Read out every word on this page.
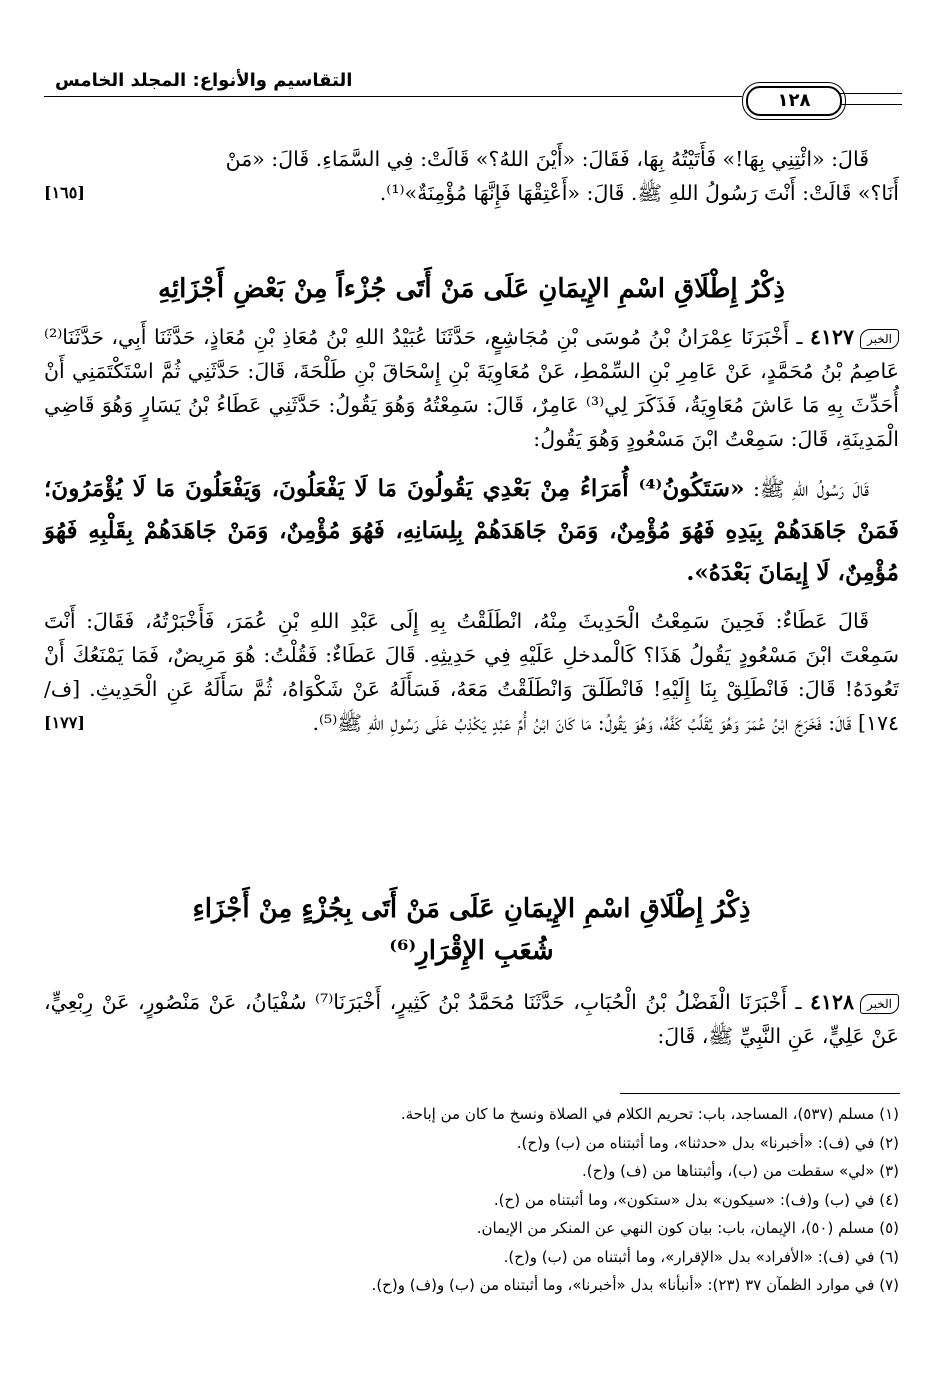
التقاسيم والأنواع: المجلد الخامس
١٢٨

قَالَ: «ائْتِنِي بِهَا!» فَأَتَيْتُهُ بِهَا، فَقَالَ: «أَيْنَ اللهُ؟» قَالَتْ: فِي السَّمَاءِ. قَالَ: «مَنْ

[١٦٥]	أَنَا؟» قَالَتْ: أَنْتَ رَسُولُ اللهِ ﷺ. قَالَ: «أَعْتِقْهَا فَإِنَّهَا مُؤْمِنَةٌ»⁽¹⁾.

ذِكْرُ إِطْلَاقِ اسْمِ الإِيمَانِ عَلَى مَنْ أَتَى جُزْءاً مِنْ بَعْضِ أَجْزَائِهِ

الخبر٤١٢٧ ـ أَخْبَرَنَا عِمْرَانُ بْنُ مُوسَى بْنِ مُجَاشِعٍ، حَدَّثَنَا عُبَيْدُ اللهِ بْنُ مُعَاذِ بْنِ مُعَاذٍ، حَدَّثَنَا أَبِي، حَدَّثَنَا⁽²⁾ عَاصِمُ بْنُ مُحَمَّدٍ، عَنْ عَامِرِ بْنِ السِّمْطِ، عَنْ مُعَاوِيَةَ بْنِ إِسْحَاقَ بْنِ طَلْحَةَ، قَالَ: حَدَّثَنِي ثُمَّ اسْتَكْتَمَنِي أَنْ أُحَدِّثَ بِهِ مَا عَاشَ مُعَاوِيَةُ، فَذَكَرَ لِي⁽³⁾ عَامِرٌ، قَالَ: سَمِعْتُهُ وَهُوَ يَقُولُ: حَدَّثَنِي عَطَاءُ بْنُ يَسَارٍ وَهُوَ قَاضِي الْمَدِينَةِ، قَالَ: سَمِعْتُ ابْنَ مَسْعُودٍ وَهُوَ يَقُولُ:

قَالَ رَسُولُ اللهِ ﷺ: «سَتَكُونُ⁽⁴⁾ أُمَرَاءُ مِنْ بَعْدِي يَقُولُونَ مَا لَا يَفْعَلُونَ، وَيَفْعَلُونَ مَا لَا يُؤْمَرُونَ؛ فَمَنْ جَاهَدَهُمْ بِيَدِهِ فَهُوَ مُؤْمِنٌ، وَمَنْ جَاهَدَهُمْ بِلِسَانِهِ، فَهُوَ مُؤْمِنٌ، وَمَنْ جَاهَدَهُمْ بِقَلْبِهِ فَهُوَ مُؤْمِنٌ، لَا إِيمَانَ بَعْدَهُ».

قَالَ عَطَاءٌ: فَحِينَ سَمِعْتُ الْحَدِيثَ مِنْهُ، انْطَلَقْتُ بِهِ إِلَى عَبْدِ اللهِ بْنِ عُمَرَ، فَأَخْبَرْتُهُ، فَقَالَ: أَنْتَ سَمِعْتَ ابْنَ مَسْعُودٍ يَقُولُ هَذَا؟ كَالْمدخلِ عَلَيْهِ فِي حَدِيثِهِ. قَالَ عَطَاءٌ: فَقُلْتُ: هُوَ مَرِيضٌ، فَمَا يَمْنَعُكَ أَنْ تَعُودَهُ! قَالَ: فَانْطَلِقْ بِنَا إِلَيْهِ! فَانْطَلَقَ وَانْطَلَقْتُ مَعَهُ، فَسَأَلَهُ عَنْ شَكْوَاهُ، ثُمَّ سَأَلَهُ عَنِ الْحَدِيثِ. [ف/١٧٤] قَالَ: فَخَرَجَ ابْنُ عُمَرَ وَهُوَ يُقَلِّبُ كَفَّهُ، وَهُوَ يَقُولُ: مَا كَانَ ابْنُ أُمِّ عَبْدٍ يَكْذِبُ عَلَى رَسُولِ اللهِ ﷺ⁽⁵⁾.

[١٧٧]

ذِكْرُ إِطْلَاقِ اسْمِ الإِيمَانِ عَلَى مَنْ أَتَى بِجُزْءٍ مِنْ أَجْزَاءِ
شُعَبِ الإِقْرَارِ⁽⁶⁾

الخبر٤١٢٨ ـ أَخْبَرَنَا الْفَضْلُ بْنُ الْحُبَابِ، حَدَّثَنَا مُحَمَّدُ بْنُ كَثِيرٍ، أَخْبَرَنَا⁽⁷⁾ سُفْيَانُ، عَنْ مَنْصُورٍ، عَنْ رِبْعِيٍّ، عَنْ عَلِيٍّ، عَنِ النَّبِيِّ ﷺ، قَالَ:

(١) مسلم (٥٣٧)، المساجد، باب: تحريم الكلام في الصلاة ونسخ ما كان من إباحة.
(٢) في (ف): «أخبرنا» بدل «حدثنا»، وما أثبتناه من (ب) و(ح).
(٣) «لي» سقطت من (ب)، وأثبتناها من (ف) و(ح).
(٤) في (ب) و(ف): «سيكون» بدل «ستكون»، وما أثبتناه من (ح).
(٥) مسلم (٥٠)، الإيمان، باب: بيان كون النهي عن المنكر من الإيمان.
(٦) في (ف): «الأفراد» بدل «الإقرار»، وما أثبتناه من (ب) و(ح).
(٧) في موارد الظمآن ٣٧ (٢٣): «أنبأنا» بدل «أخبرنا»، وما أثبتناه من (ب) و(ف) و(ح).
